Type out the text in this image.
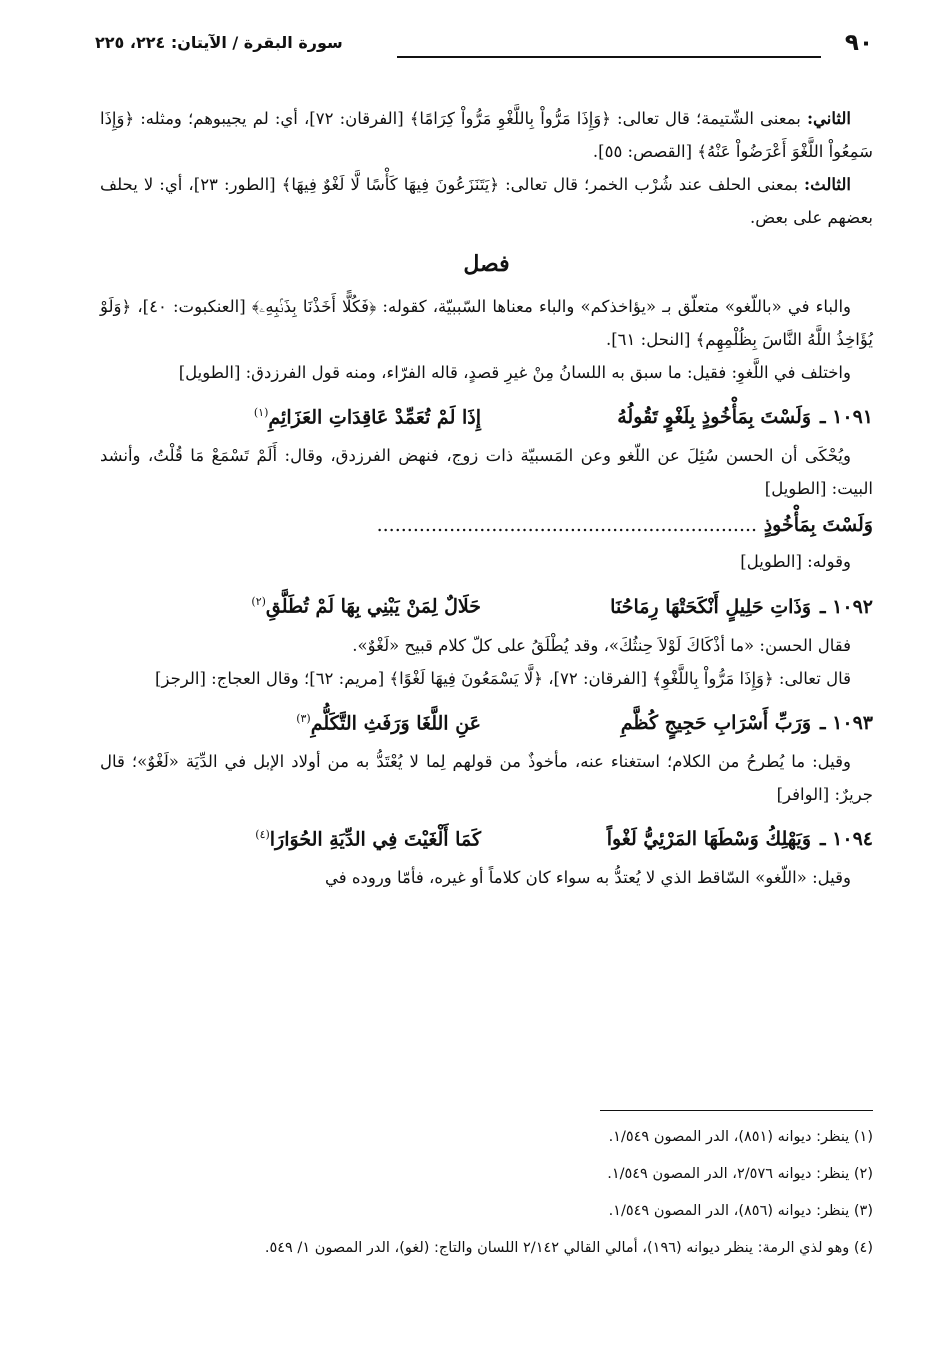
٩٠
سورة البقرة / الآيتان: ٢٢٤، ٢٢٥

الثاني: بمعنى الشّتيمة؛ قال تعالى: ﴿وَإِذَا مَرُّواْ بِاللَّغْوِ مَرُّواْ كِرَامًا﴾ [الفرقان: ٧٢]، أي: لم يجيبوهم؛ ومثله: ﴿وَإِذَا سَمِعُواْ اللَّغْوَ أَعْرَضُواْ عَنْهُ﴾ [القصص: ٥٥].

الثالث: بمعنى الحلف عند شُرْب الخمر؛ قال تعالى: ﴿يَتَنَزَعُونَ فِيهَا كَأْسًا لَّا لَغْوٌ فِيهَا﴾ [الطور: ٢٣]، أي: لا يحلف بعضهم على بعض.

فصل

والباء في «باللّغو» متعلّق بـ «يؤاخذكم» والباء معناها السّببيّة، كقوله: ﴿فَكُلًّا أَخَذْنَا بِذَنۢبِهِۦ﴾ [العنكبوت: ٤٠]، ﴿وَلَوْ يُؤَاخِذُ اللَّهُ النَّاسَ بِظُلْمِهِم﴾ [النحل: ٦١].

واختلف في اللَّغوِ: فقيل: ما سبق به اللسانُ مِنْ غيرِ قصدٍ، قاله الفرّاء، ومنه قول الفرزدق: [الطويل]

١٠٩١ ـوَلَسْتَ بِمَأْخُوذٍ بِلَغْوٍ تَقُولُهُإِذَا لَمْ تُعَمِّدْ عَاقِدَاتِ العَزَائِمِ$^{(١)}$

ويُحْكَى أن الحسن سُئِلَ عن اللّغو وعن المَسبيّة ذات زوج، فنهض الفرزدق، وقال: أَلَمْ تَسْمَعْ مَا قُلْتُ، وأنشد البيت: [الطويل]

وَلَسْتَ بِمَأْخُوذٍ ...............................................................

وقوله: [الطويل]

١٠٩٢ ـوَذَاتِ حَلِيلٍ أَنْكَحَتْهَا رِمَاحُنَاحَلَالٌ لِمَنْ يَبْنِي بِهَا لَمْ تُطَلَّقِ$^{(٢)}$

فقال الحسن: «ما أذْكَاكَ لَوْلاَ حِنثُكَ»، وقد يُطْلَقُ على كلّ كلام قبيح «لَغْوٌ».

قال تعالى: ﴿وَإِذَا مَرُّواْ بِاللَّغْوِ﴾ [الفرقان: ٧٢]، ﴿لَّا يَسْمَعُونَ فِيهَا لَغْوًا﴾ [مريم: ٦٢]؛ وقال العجاج: [الرجز]

١٠٩٣ ـوَرَبِّ أَسْرَابِ حَجِيجٍ كُظَّمِعَنِ اللَّغَا وَرَفَثِ التَّكَلُّمِ$^{(٣)}$

وقيل: ما يُطرحُ من الكلام؛ استغناء عنه، مأخوذٌ من قولهم لِما لا يُعْتَدُّ به من أولاد الإبل في الدِّيَة «لَغْوٌ»؛ قال جريرٌ: [الوافر]

١٠٩٤ ـوَيَهْلِكُ وَسْطَهَا المَرْئِيُّ لَغْواًكَمَا أَلْغَيْتَ فِي الدِّيَةِ الحُوَارَا$^{(٤)}$

وقيل: «اللّغو» السّاقط الذي لا يُعتدُّ به سواء كان كلاماً أو غيره، فأمّا وروده في

(١) ينظر: ديوانه (٨٥١)، الدر المصون ١/٥٤٩.

(٢) ينظر: ديوانه ٢/٥٧٦، الدر المصون ١/٥٤٩.

(٣) ينظر: ديوانه (٨٥٦)، الدر المصون ١/٥٤٩.

(٤) وهو لذي الرمة: ينظر ديوانه (١٩٦)، أمالي القالي ٢/١٤٢ اللسان والتاج: (لغو)، الدر المصون ١/ ٥٤٩.
